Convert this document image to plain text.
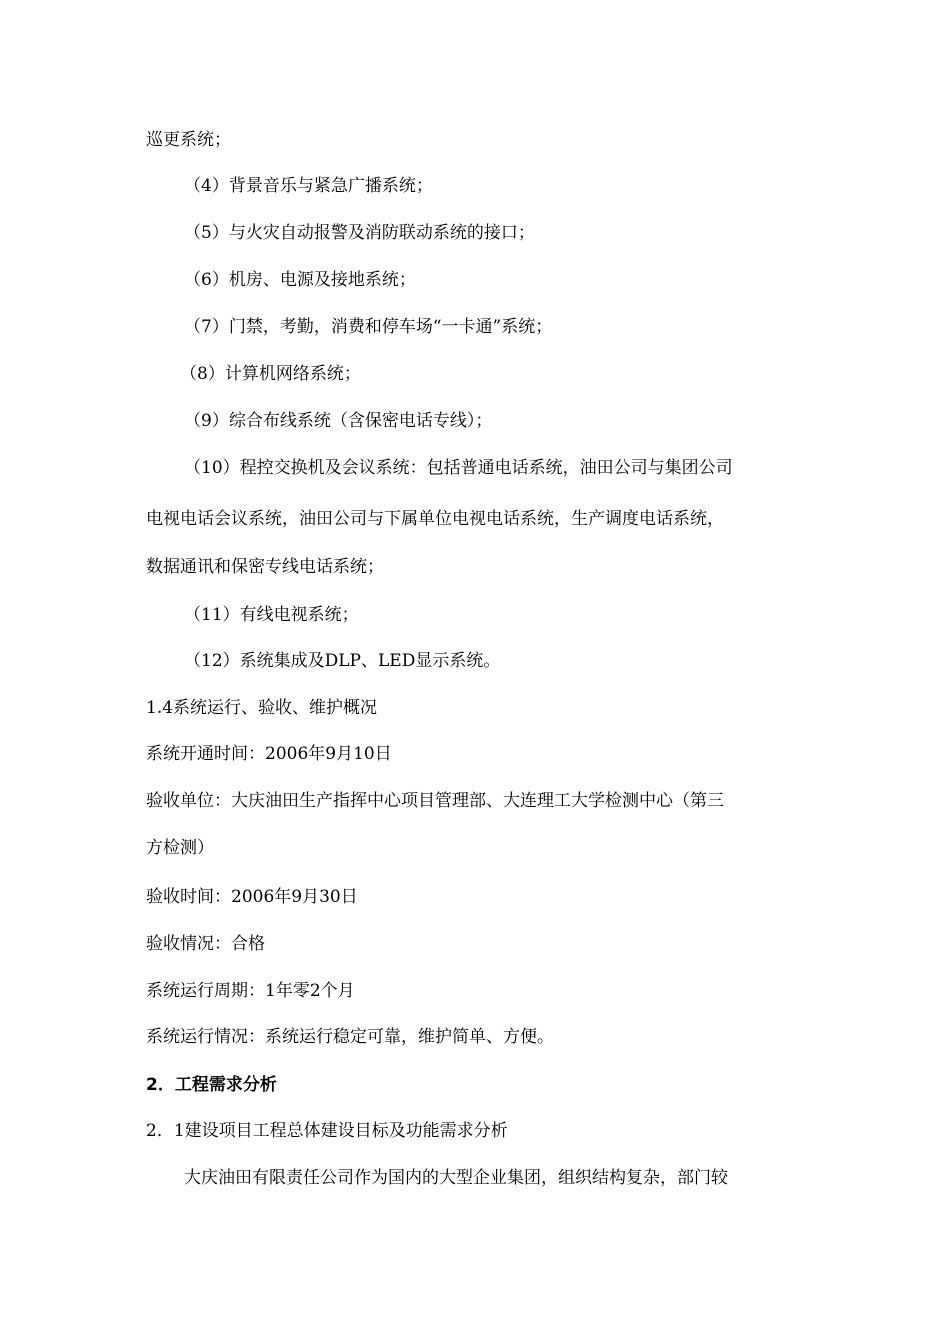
巡更系统；
（4）背景音乐与紧急广播系统；
（5）与火灾自动报警及消防联动系统的接口；
（6）机房、电源及接地系统；
（7）门禁，考勤，消费和停车场“一卡通”系统；
（8）计算机网络系统；
（9）综合布线系统（含保密电话专线）；
（10）程控交换机及会议系统：包括普通电话系统，油田公司与集团公司
电视电话会议系统，油田公司与下属单位电视电话系统，生产调度电话系统，
数据通讯和保密专线电话系统；
（11）有线电视系统；
（12）系统集成及DLP、LED显示系统。
1.4系统运行、验收、维护概况
系统开通时间：2006年9月10日
验收单位：大庆油田生产指挥中心项目管理部、大连理工大学检测中心（第三
方检测）
验收时间：2006年9月30日
验收情况：合格
系统运行周期：1年零2个月
系统运行情况：系统运行稳定可靠，维护简单、方便。
2．工程需求分析
2．1建设项目工程总体建设目标及功能需求分析
大庆油田有限责任公司作为国内的大型企业集团，组织结构复杂，部门较
